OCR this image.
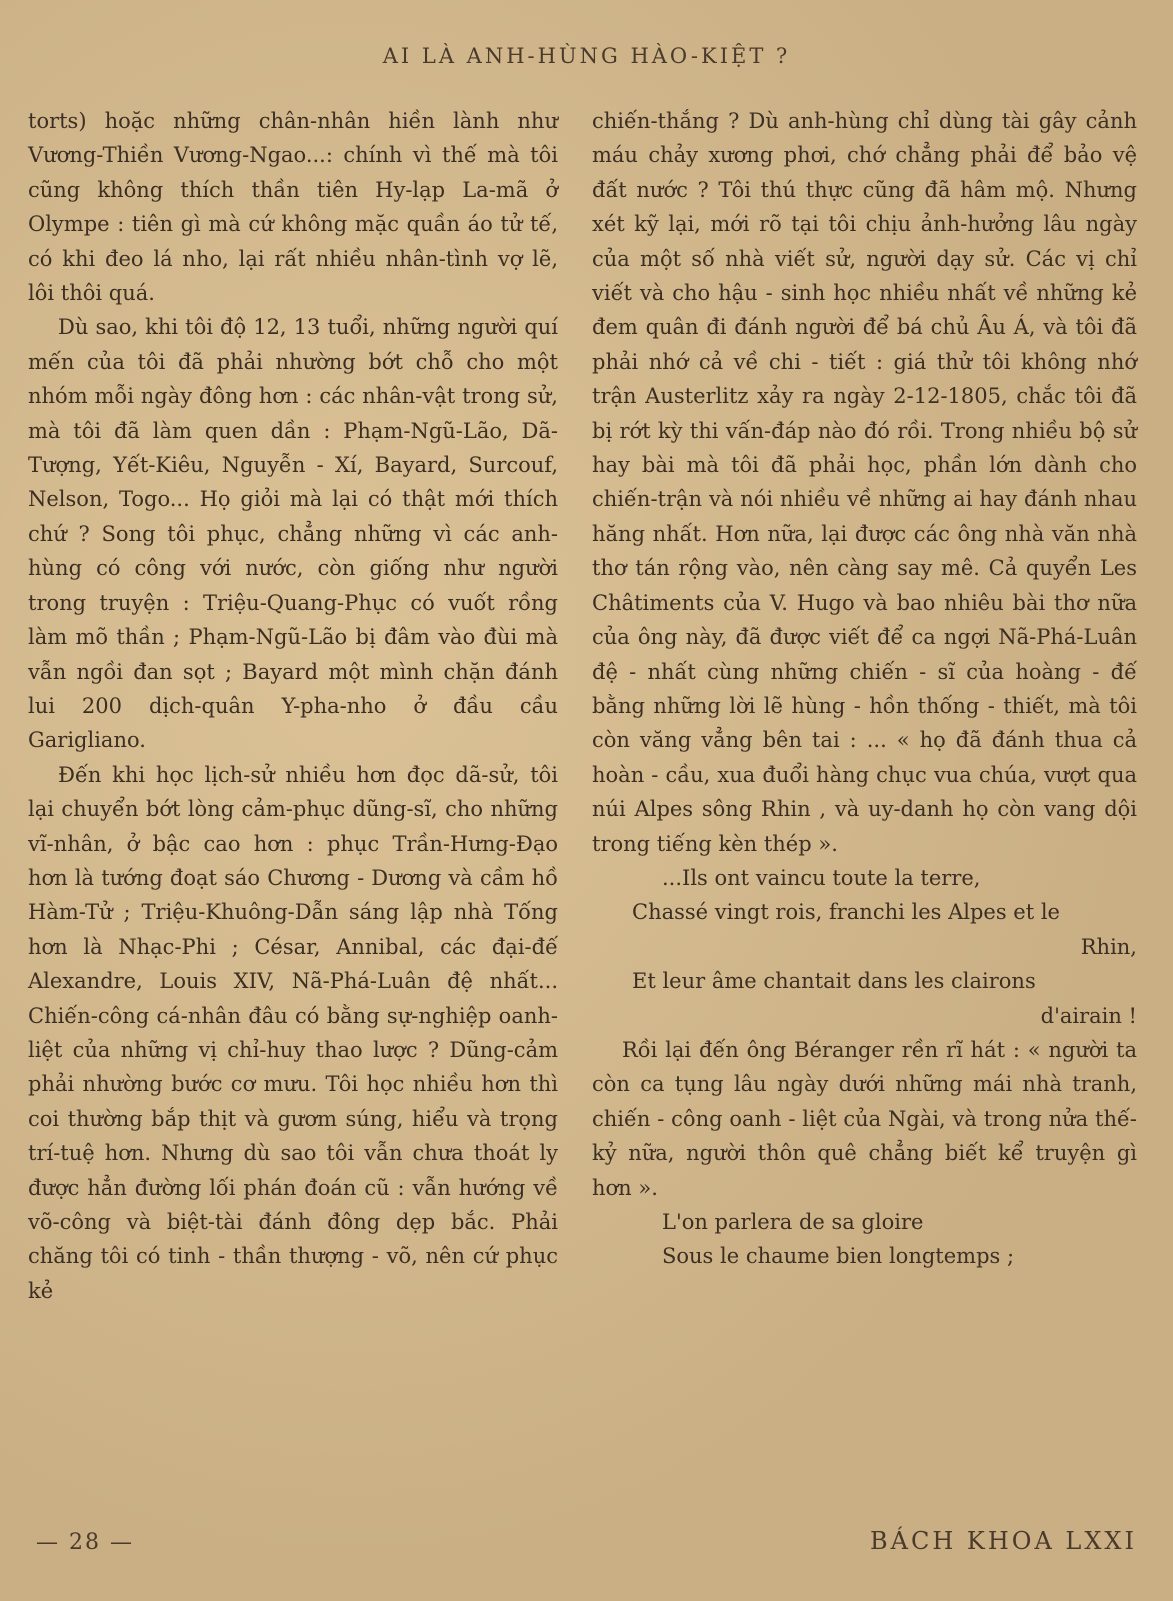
AI LÀ ANH-HÙNG HÀO-KIỆT ?

torts) hoặc những chân-nhân hiền lành như Vương-Thiền Vương-Ngao...: chính vì thế mà tôi cũng không thích thần tiên Hy-lạp La-mã ở Olympe : tiên gì mà cứ không mặc quần áo tử tế, có khi đeo lá nho, lại rất nhiều nhân-tình vợ lẽ, lôi thôi quá.

Dù sao, khi tôi độ 12, 13 tuổi, những người quí mến của tôi đã phải nhường bớt chỗ cho một nhóm mỗi ngày đông hơn : các nhân-vật trong sử, mà tôi đã làm quen dần : Phạm-Ngũ-Lão, Dã-Tượng, Yết-Kiêu, Nguyễn - Xí, Bayard, Surcouf, Nelson, Togo... Họ giỏi mà lại có thật mới thích chứ ? Song tôi phục, chẳng những vì các anh-hùng có công với nước, còn giống như người trong truyện : Triệu-Quang-Phục có vuốt rồng làm mõ thần ; Phạm-Ngũ-Lão bị đâm vào đùi mà vẫn ngồi đan sọt ; Bayard một mình chặn đánh lui 200 dịch-quân Y-pha-nho ở đầu cầu Garigliano.

Đến khi học lịch-sử nhiều hơn đọc dã-sử, tôi lại chuyển bớt lòng cảm-phục dũng-sĩ, cho những vĩ-nhân, ở bậc cao hơn : phục Trần-Hưng-Đạo hơn là tướng đoạt sáo Chương - Dương và cầm hồ Hàm-Tử ; Triệu-Khuông-Dẫn sáng lập nhà Tống hơn là Nhạc-Phi ; César, Annibal, các đại-đế Alexandre, Louis XIV, Nã-Phá-Luân đệ nhất... Chiến-công cá-nhân đâu có bằng sự-nghiệp oanh-liệt của những vị chỉ-huy thao lược ? Dũng-cảm phải nhường bước cơ mưu. Tôi học nhiều hơn thì coi thường bắp thịt và gươm súng, hiểu và trọng trí-tuệ hơn. Nhưng dù sao tôi vẫn chưa thoát ly được hẳn đường lối phán đoán cũ : vẫn hướng về võ-công và biệt-tài đánh đông dẹp bắc. Phải chăng tôi có tinh - thần thượng - võ, nên cứ phục kẻ

chiến-thắng ? Dù anh-hùng chỉ dùng tài gây cảnh máu chảy xương phơi, chớ chẳng phải để bảo vệ đất nước ? Tôi thú thực cũng đã hâm mộ. Nhưng xét kỹ lại, mới rõ tại tôi chịu ảnh-hưởng lâu ngày của một số nhà viết sử, người dạy sử. Các vị chỉ viết và cho hậu - sinh học nhiều nhất về những kẻ đem quân đi đánh người để bá chủ Âu Á, và tôi đã phải nhớ cả về chi - tiết : giá thử tôi không nhớ trận Austerlitz xảy ra ngày 2-12-1805, chắc tôi đã bị rớt kỳ thi vấn-đáp nào đó rồi. Trong nhiều bộ sử hay bài mà tôi đã phải học, phần lớn dành cho chiến-trận và nói nhiều về những ai hay đánh nhau hăng nhất. Hơn nữa, lại được các ông nhà văn nhà thơ tán rộng vào, nên càng say mê. Cả quyển Les Châtiments của V. Hugo và bao nhiêu bài thơ nữa của ông này, đã được viết để ca ngợi Nã-Phá-Luân đệ - nhất cùng những chiến - sĩ của hoàng - đế bằng những lời lẽ hùng - hồn thống - thiết, mà tôi còn văng vẳng bên tai : ... « họ đã đánh thua cả hoàn - cầu, xua đuổi hàng chục vua chúa, vượt qua núi Alpes sông Rhin , và uy-danh họ còn vang dội trong tiếng kèn thép ».

...Ils ont vaincu toute la terre,
Chassé vingt rois, franchi les Alpes et le
Rhin,
Et leur âme chantait dans les clairons
d'airain !

Rồi lại đến ông Béranger rền rĩ hát : « người ta còn ca tụng lâu ngày dưới những mái nhà tranh, chiến - công oanh - liệt của Ngài, và trong nửa thế-kỷ nữa, người thôn quê chẳng biết kể truyện gì hơn ».

L'on parlera de sa gloire
Sous le chaume bien longtemps ;
— 28 —	BÁCH KHOA LXXI
